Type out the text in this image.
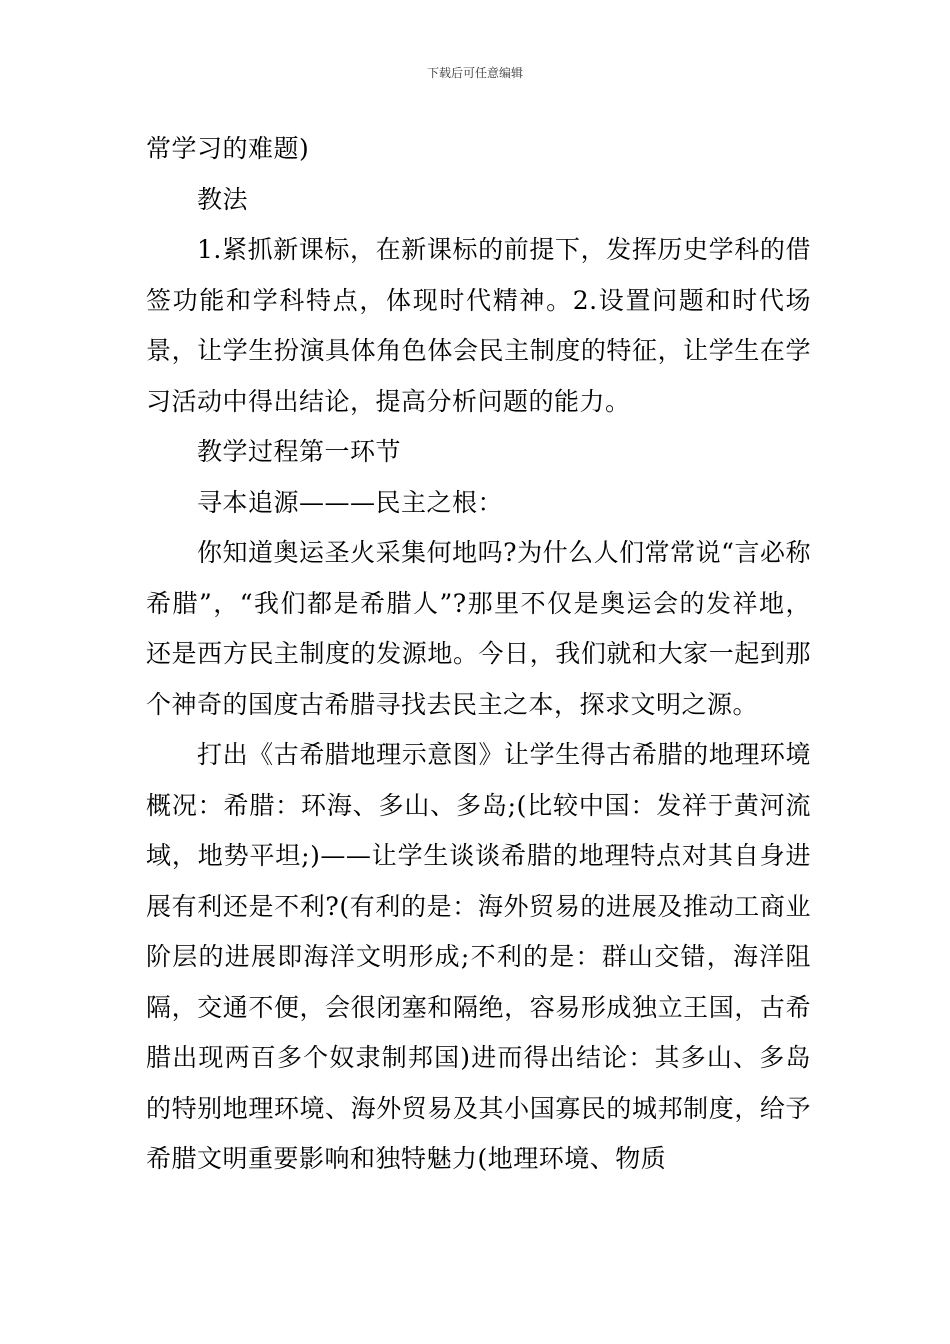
下载后可任意编辑

常学习的难题)

教法

1.紧抓新课标，在新课标的前提下，发挥历史学科的借签功能和学科特点，体现时代精神。2.设置问题和时代场景，让学生扮演具体角色体会民主制度的特征，让学生在学习活动中得出结论，提高分析问题的能力。

教学过程第一环节

寻本追源———民主之根：

你知道奥运圣火采集何地吗?为什么人们常常说“言必称希腊”，“我们都是希腊人”?那里不仅是奥运会的发祥地，还是西方民主制度的发源地。今日，我们就和大家一起到那个神奇的国度古希腊寻找去民主之本，探求文明之源。

打出《古希腊地理示意图》让学生得古希腊的地理环境概况：希腊：环海、多山、多岛;(比较中国：发祥于黄河流域，地势平坦;)——让学生谈谈希腊的地理特点对其自身进展有利还是不利?(有利的是：海外贸易的进展及推动工商业阶层的进展即海洋文明形成;不利的是：群山交错，海洋阻隔，交通不便，会很闭塞和隔绝，容易形成独立王国，古希腊出现两百多个奴隶制邦国)进而得出结论：其多山、多岛的特别地理环境、海外贸易及其小国寡民的城邦制度，给予希腊文明重要影响和独特魅力(地理环境、物质
